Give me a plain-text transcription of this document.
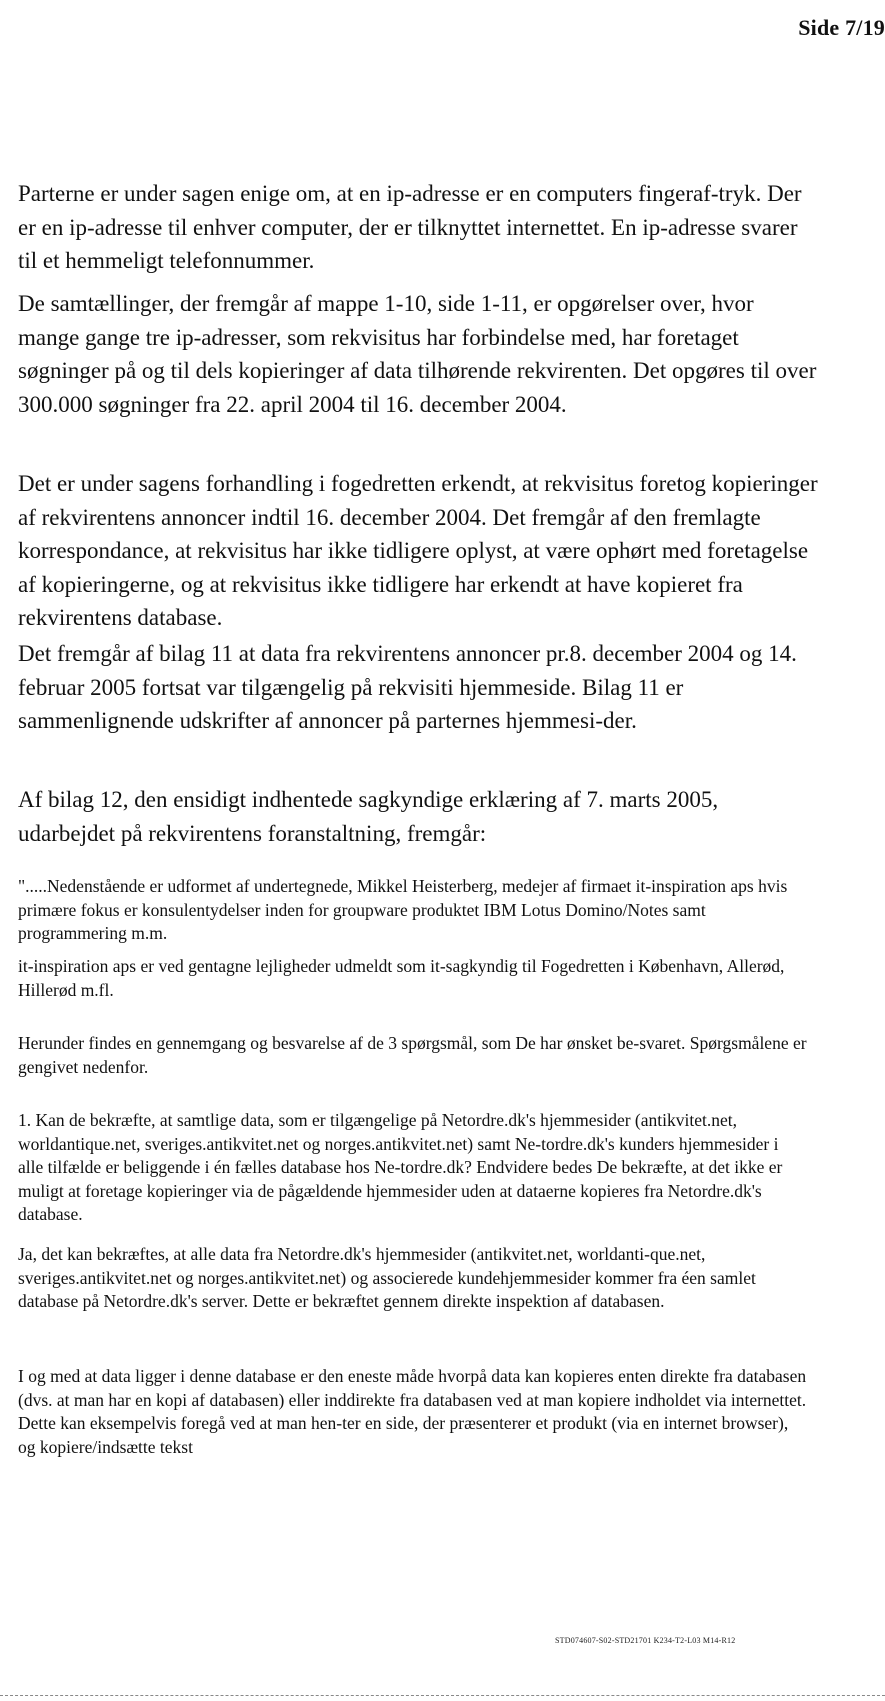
Side 7/19

Parterne er under sagen enige om, at en ip-adresse er en computers fingeraf-tryk. Der er en ip-adresse til enhver computer, der er tilknyttet internettet. En ip-adresse svarer til et hemmeligt telefonnummer.

De samtællinger, der fremgår af mappe 1-10, side 1-11, er opgørelser over, hvor mange gange tre ip-adresser, som rekvisitus har forbindelse med, har foretaget søgninger på og til dels kopieringer af data tilhørende rekvirenten. Det opgøres til over 300.000 søgninger fra 22. april 2004 til 16. december 2004.

Det er under sagens forhandling i fogedretten erkendt, at rekvisitus foretog kopieringer af rekvirentens annoncer indtil 16. december 2004. Det fremgår af den fremlagte korrespondance, at rekvisitus har ikke tidligere oplyst, at være ophørt med foretagelse af kopieringerne, og at rekvisitus ikke tidligere har erkendt at have kopieret fra rekvirentens database.

Det fremgår af bilag 11 at data fra rekvirentens annoncer pr.8. december 2004 og 14. februar 2005 fortsat var tilgængelig på rekvisiti hjemmeside. Bilag 11 er sammenlignende udskrifter af annoncer på parternes hjemmesi-der.

Af bilag 12, den ensidigt indhentede sagkyndige erklæring af 7. marts 2005, udarbejdet på rekvirentens foranstaltning, fremgår:

".....Nedenstående er udformet af undertegnede, Mikkel Heisterberg, medejer af firmaet it-inspiration aps hvis primære fokus er konsulentydelser inden for groupware produktet IBM Lotus Domino/Notes samt programmering m.m.

it-inspiration aps er ved gentagne lejligheder udmeldt som it-sagkyndig til Fogedretten i København, Allerød, Hillerød m.fl.

Herunder findes en gennemgang og besvarelse af de 3 spørgsmål, som De har ønsket be-svaret. Spørgsmålene er gengivet nedenfor.

1. Kan de bekræfte, at samtlige data, som er tilgængelige på Netordre.dk's hjemmesider (antikvitet.net, worldantique.net, sveriges.antikvitet.net og norges.antikvitet.net) samt Ne-tordre.dk's kunders hjemmesider i alle tilfælde er beliggende i én fælles database hos Ne-tordre.dk? Endvidere bedes De bekræfte, at det ikke er muligt at foretage kopieringer via de pågældende hjemmesider uden at dataerne kopieres fra Netordre.dk's database.

Ja, det kan bekræftes, at alle data fra Netordre.dk's hjemmesider (antikvitet.net, worldanti-que.net, sveriges.antikvitet.net og norges.antikvitet.net) og associerede kundehjemmesider kommer fra éen samlet database på Netordre.dk's server. Dette er bekræftet gennem direkte inspektion af databasen.

I og med at data ligger i denne database er den eneste måde hvorpå data kan kopieres enten direkte fra databasen (dvs. at man har en kopi af databasen) eller inddirekte fra databasen ved at man kopiere indholdet via internettet. Dette kan eksempelvis foregå ved at man hen-ter en side, der præsenterer et produkt (via en internet browser), og kopiere/indsætte tekst

STD074607-S02-STD21701 K234-T2-L03 M14-R12
